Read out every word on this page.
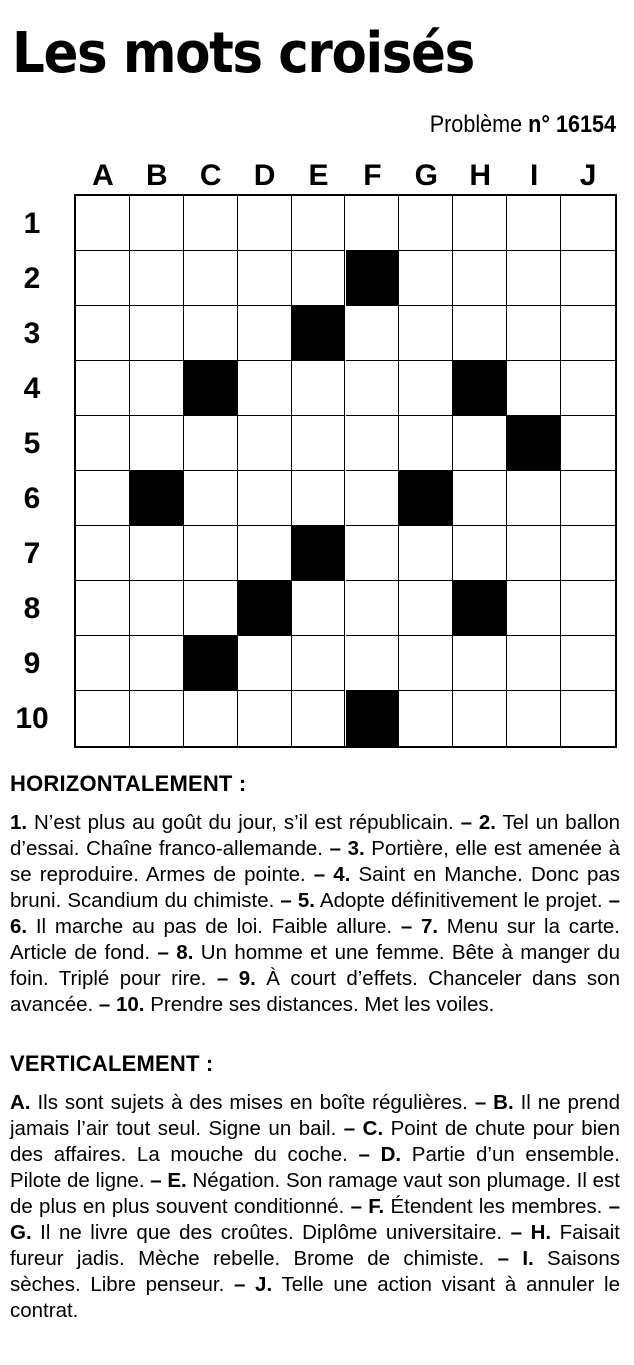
Les mots croisés
Problème n° 16154
A	B	C	D	E	F	G	H	I	J
1
2
3
4
5
6
7
8
9
10
HORIZONTALEMENT :

1. N’est plus au goût du jour, s’il est républicain. – 2. Tel un ballon d’essai. Chaîne franco-allemande. – 3. Portière, elle est amenée à se reproduire. Armes de pointe. – 4. Saint en Manche. Donc pas bruni. Scandium du chimiste. – 5. Adopte définitivement le projet. – 6. Il marche au pas de loi. Faible allure. – 7. Menu sur la carte. Article de fond. – 8. Un homme et une femme. Bête à manger du foin. Triplé pour rire. – 9. À court d’effets. Chanceler dans son avancée. – 10. Prendre ses distances. Met les voiles.

VERTICALEMENT :

A. Ils sont sujets à des mises en boîte régulières. – B. Il ne prend jamais l’air tout seul. Signe un bail. – C. Point de chute pour bien des affaires. La mouche du coche. – D. Partie d’un ensemble. Pilote de ligne. – E. Négation. Son ramage vaut son plumage. Il est de plus en plus souvent conditionné. – F. Étendent les membres. – G. Il ne livre que des croûtes. Diplôme universitaire. – H. Faisait fureur jadis. Mèche rebelle. Brome de chimiste. – I. Saisons sèches. Libre penseur. – J. Telle une action visant à annuler le contrat.
